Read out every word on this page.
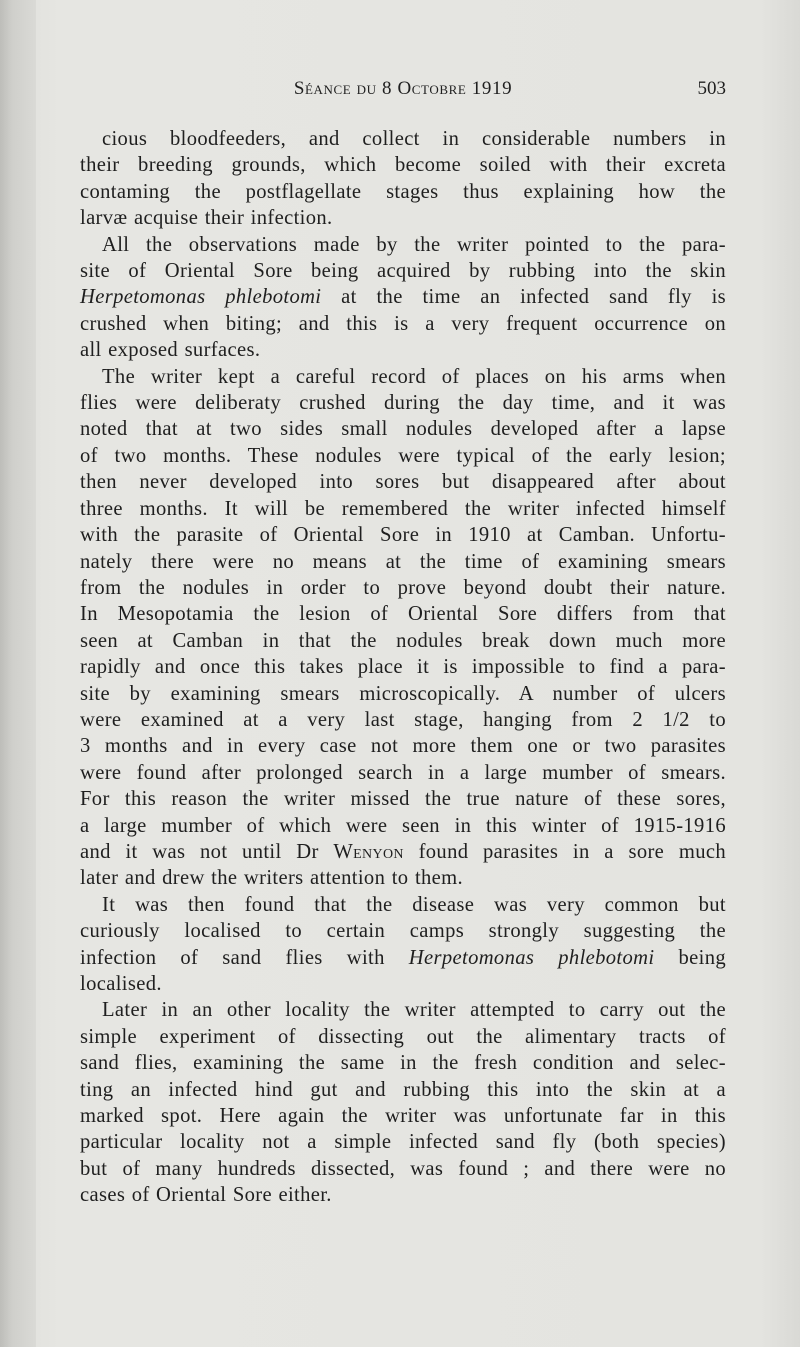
Séance du 8 Octobre 1919	503
cious bloodfeeders, and collect in considerable numbers in
their breeding grounds, which become soiled with their excreta
contaming the postflagellate stages thus explaining how the
larvæ acquise their infection.
All the observations made by the writer pointed to the para-
site of Oriental Sore being acquired by rubbing into the skin
Herpetomonas phlebotomi at the time an infected sand fly is
crushed when biting; and this is a very frequent occurrence on
all exposed surfaces.
The writer kept a careful record of places on his arms when
flies were deliberaty crushed during the day time, and it was
noted that at two sides small nodules developed after a lapse
of two months. These nodules were typical of the early lesion;
then never developed into sores but disappeared after about
three months. It will be remembered the writer infected himself
with the parasite of Oriental Sore in 1910 at Camban. Unfortu-
nately there were no means at the time of examining smears
from the nodules in order to prove beyond doubt their nature.
In Mesopotamia the lesion of Oriental Sore differs from that
seen at Camban in that the nodules break down much more
rapidly and once this takes place it is impossible to find a para-
site by examining smears microscopically. A number of ulcers
were examined at a very last stage, hanging from 2 1/2 to
3 months and in every case not more them one or two parasites
were found after prolonged search in a large mumber of smears.
For this reason the writer missed the true nature of these sores,
a large mumber of which were seen in this winter of 1915-1916
and it was not until Dr Wenyon found parasites in a sore much
later and drew the writers attention to them.
It was then found that the disease was very common but
curiously localised to certain camps strongly suggesting the
infection of sand flies with Herpetomonas phlebotomi being
localised.
Later in an other locality the writer attempted to carry out the
simple experiment of dissecting out the alimentary tracts of
sand flies, examining the same in the fresh condition and selec-
ting an infected hind gut and rubbing this into the skin at a
marked spot. Here again the writer was unfortunate far in this
particular locality not a simple infected sand fly (both species)
but of many hundreds dissected, was found ; and there were no
cases of Oriental Sore either.
